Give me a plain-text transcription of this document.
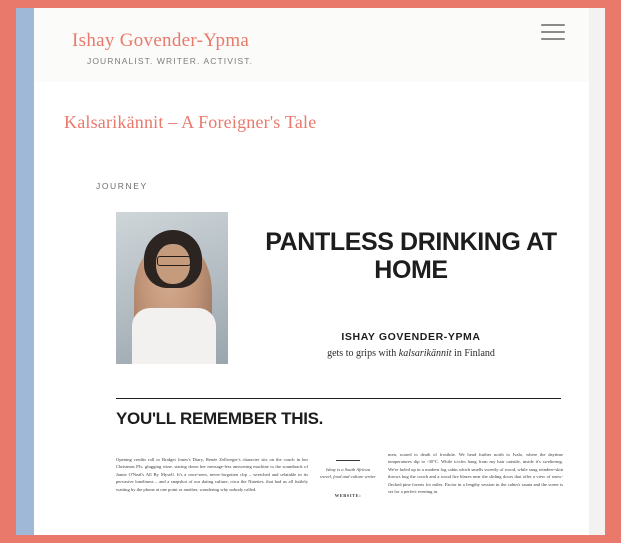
Ishay Govender-Ypma
JOURNALIST. WRITER. ACTIVIST.
Kalsarikännit – A Foreigner's Tale
JOURNEY
PANTLESS DRINKING AT HOME
ISHAY GOVENDER-YPMA
gets to grips with kalsarikännit in Finland
YOU'LL REMEMBER THIS.
Opening credits roll to Bridget Jones's Diary, Renée Zellweger's character sits on the couch in her Christmas PJs, glugging wine, staring down her message-less answering machine to the soundtrack of Jamie O'Neal's All By Myself. It's a once-seen, never-forgotten clip – wretched and relatable in its pervasive loneliness – and a snapshot of our dating culture, circa the Nineties, that had us all futilely waiting by the phone at one point or another, wondering why nobody called.
Ishay is a South African travel, food and culture writer
WEBSITE:
men, scared to death of frostbite. We head further north to Ivalo, where the daytime temperatures dip to -30°C. While icicles hang from my hair outside, inside it's sweltering. We're holed up in a modern log cabin which smells sweetly of wood, while snug reindeer-skin throws hug the couch and a wood fire blazes near the sliding doors that offer a view of snow-flecked pine forests for miles. Factor in a lengthy session in the cabin's sauna and the scene is set for a perfect evening in.
